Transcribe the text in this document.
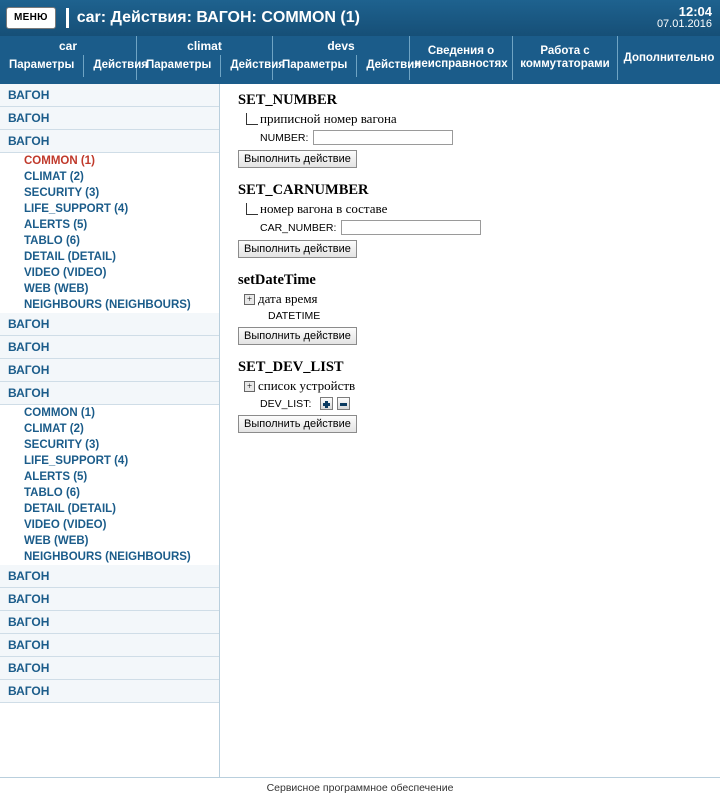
МЕНЮ	car: Действия: ВАГОН: COMMON (1)	12:04
07.01.2016
car
Параметры	Действия
climat
Параметры	Действия
devs
Параметры	Действия
Сведения о неисправностях
Работа с коммутаторами
Дополнительно
ВАГОН
ВАГОН
ВАГОН
COMMON (1)
CLIMAT (2)
SECURITY (3)
LIFE_SUPPORT (4)
ALERTS (5)
TABLO (6)
DETAIL (DETAIL)
VIDEO (VIDEO)
WEB (WEB)
NEIGHBOURS (NEIGHBOURS)
ВАГОН
ВАГОН
ВАГОН
ВАГОН
COMMON (1)
CLIMAT (2)
SECURITY (3)
LIFE_SUPPORT (4)
ALERTS (5)
TABLO (6)
DETAIL (DETAIL)
VIDEO (VIDEO)
WEB (WEB)
NEIGHBOURS (NEIGHBOURS)
ВАГОН
ВАГОН
ВАГОН
ВАГОН
ВАГОН
ВАГОН
SET_NUMBER
приписной номер вагона
NUMBER:
Выполнить действие
SET_CARNUMBER
номер вагона в составе
CAR_NUMBER:
Выполнить действие
setDateTime
+ дата время
DATETIME
Выполнить действие
SET_DEV_LIST
+ список устройств
DEV_LIST:
Выполнить действие
Сервисное программное обеспечение
